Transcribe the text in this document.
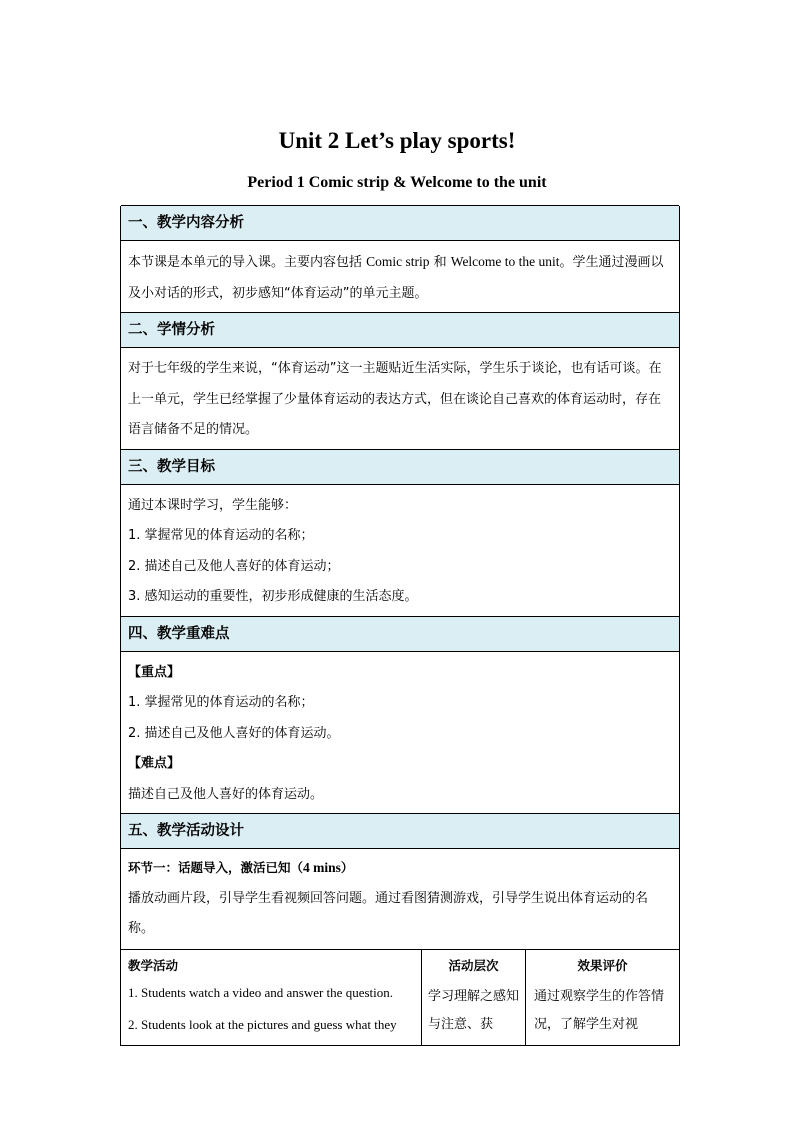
Unit 2 Let’s play sports!
Period 1 Comic strip & Welcome to the unit
一、教学内容分析

本节课是本单元的导入课。主要内容包括 Comic strip 和 Welcome to the unit。学生通过漫画以及小对话的形式，初步感知“体育运动”的单元主题。

二、学情分析

对于七年级的学生来说，“体育运动”这一主题贴近生活实际，学生乐于谈论，也有话可谈。在上一单元，学生已经掌握了少量体育运动的表达方式，但在谈论自己喜欢的体育运动时，存在语言储备不足的情况。

三、教学目标

通过本课时学习，学生能够：

1. 掌握常见的体育运动的名称；

2. 描述自己及他人喜好的体育运动；

3. 感知运动的重要性，初步形成健康的生活态度。

四、教学重难点

【重点】

1. 掌握常见的体育运动的名称；

2. 描述自己及他人喜好的体育运动。

【难点】

描述自己及他人喜好的体育运动。

五、教学活动设计

环节一：话题导入，激活已知（4 mins）

播放动画片段，引导学生看视频回答问题。通过看图猜测游戏，引导学生说出体育运动的名称。

教学活动
1. Students watch a video and answer the question.
2. Students look at the pictures and guess what they
活动层次
学习理解之感知与注意、获
效果评价
通过观察学生的作答情况，了解学生对视
